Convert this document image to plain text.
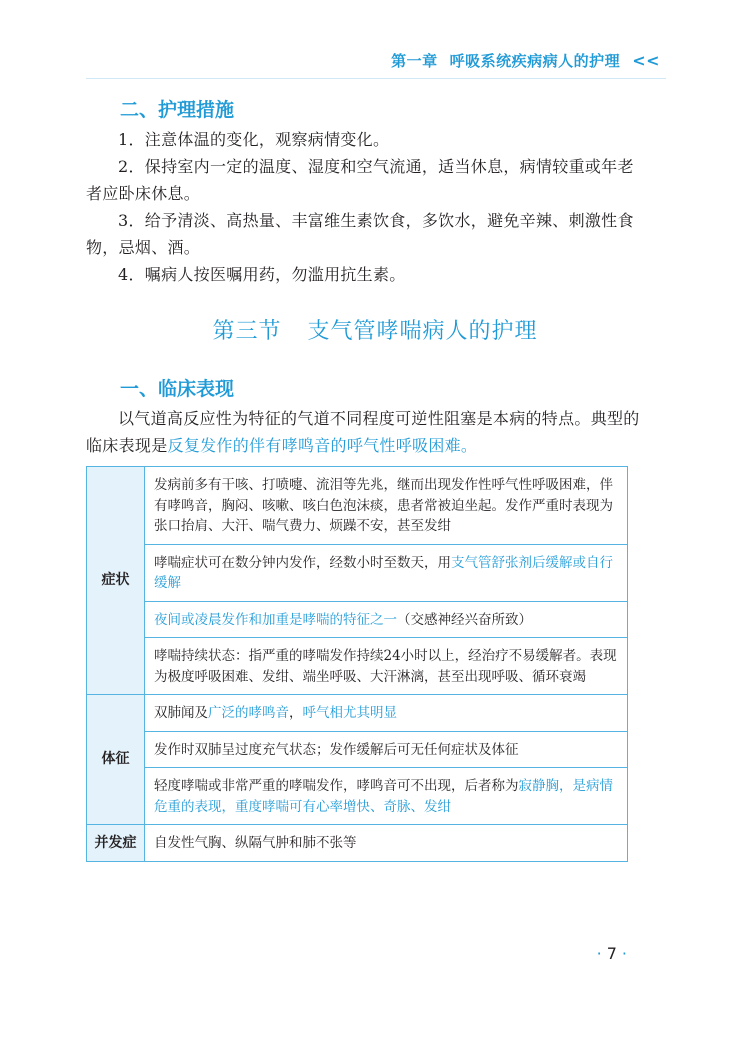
第一章 呼吸系统疾病病人的护理 <<
二、护理措施

1．注意体温的变化，观察病情变化。

2．保持室内一定的温度、湿度和空气流通，适当休息，病情较重或年老者应卧床休息。

3．给予清淡、高热量、丰富维生素饮食，多饮水，避免辛辣、刺激性食物，忌烟、酒。

4．嘱病人按医嘱用药，勿滥用抗生素。

第三节 支气管哮喘病人的护理
一、临床表现

以气道高反应性为特征的气道不同程度可逆性阻塞是本病的特点。典型的临床表现是反复发作的伴有哮鸣音的呼气性呼吸困难。

症状	发病前多有干咳、打喷嚏、流泪等先兆，继而出现发作性呼气性呼吸困难，伴有哮鸣音，胸闷、咳嗽、咳白色泡沫痰，患者常被迫坐起。发作严重时表现为张口抬肩、大汗、喘气费力、烦躁不安，甚至发绀
	哮喘症状可在数分钟内发作，经数小时至数天，用支气管舒张剂后缓解或自行缓解
	夜间或凌晨发作和加重是哮喘的特征之一（交感神经兴奋所致）
	哮喘持续状态：指严重的哮喘发作持续24小时以上，经治疗不易缓解者。表现为极度呼吸困难、发绀、端坐呼吸、大汗淋漓，甚至出现呼吸、循环衰竭
体征	双肺闻及广泛的哮鸣音，呼气相尤其明显
	发作时双肺呈过度充气状态；发作缓解后可无任何症状及体征
	轻度哮喘或非常严重的哮喘发作，哮鸣音可不出现，后者称为寂静胸，是病情危重的表现，重度哮喘可有心率增快、奇脉、发绀
并发症	自发性气胸、纵隔气肿和肺不张等
· 7 ·
